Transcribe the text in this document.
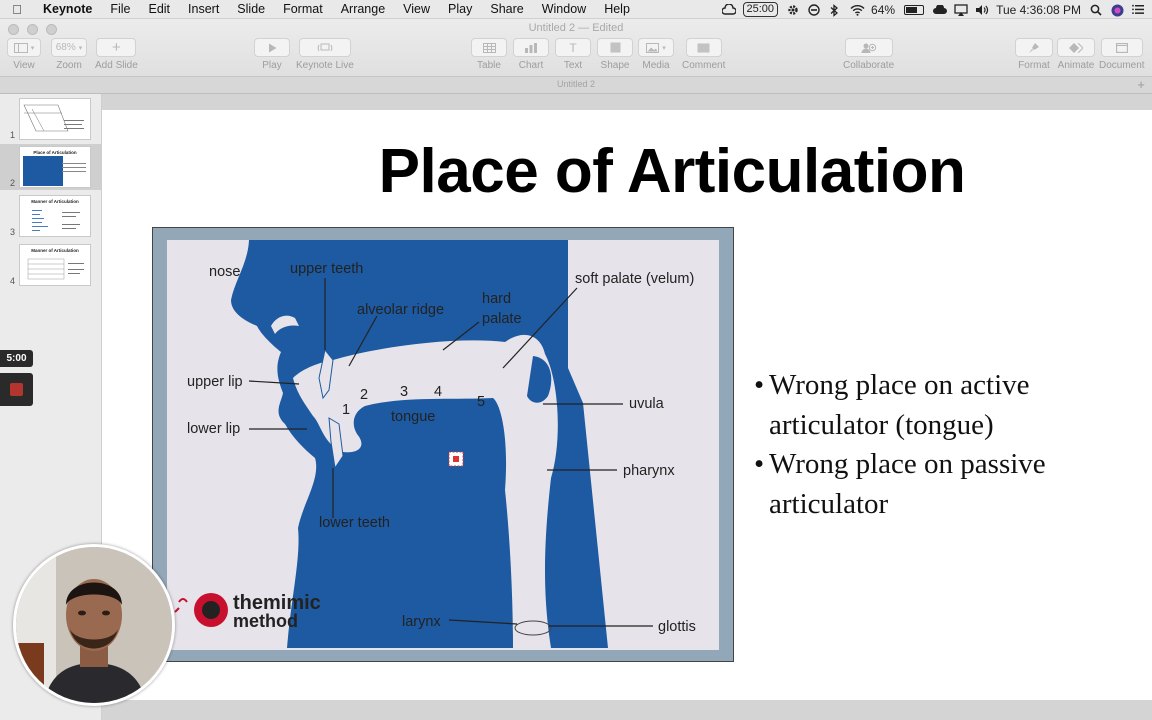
Keynote	File	Edit	Insert	Slide	Format	Arrange	View	Play	Share	Window	Help	25:00	64%	Tue 4:36:08 PM
Untitled 2 — Edited
▾
View
68% ▾
Zoom
+
Add Slide	Play Keynote Live	Table Chart
T
Text Shape
▾
Media Comment	Collaborate	Format Animate Document
Untitled 2	+
1
2
Place of Articulation
3
Manner of Articulation
4
Manner of Articulation
5:00
Place of Articulation
nose	upper teeth
alveolar ridge
hard
palate
soft palate (velum)
upper lip
lower lip
tongue
uvula
pharynx
lower teeth
larynx	glottis
1
2 3 4
5
themimic
method
• Wrong place on active
articulator (tongue)
• Wrong place on passive
articulator
